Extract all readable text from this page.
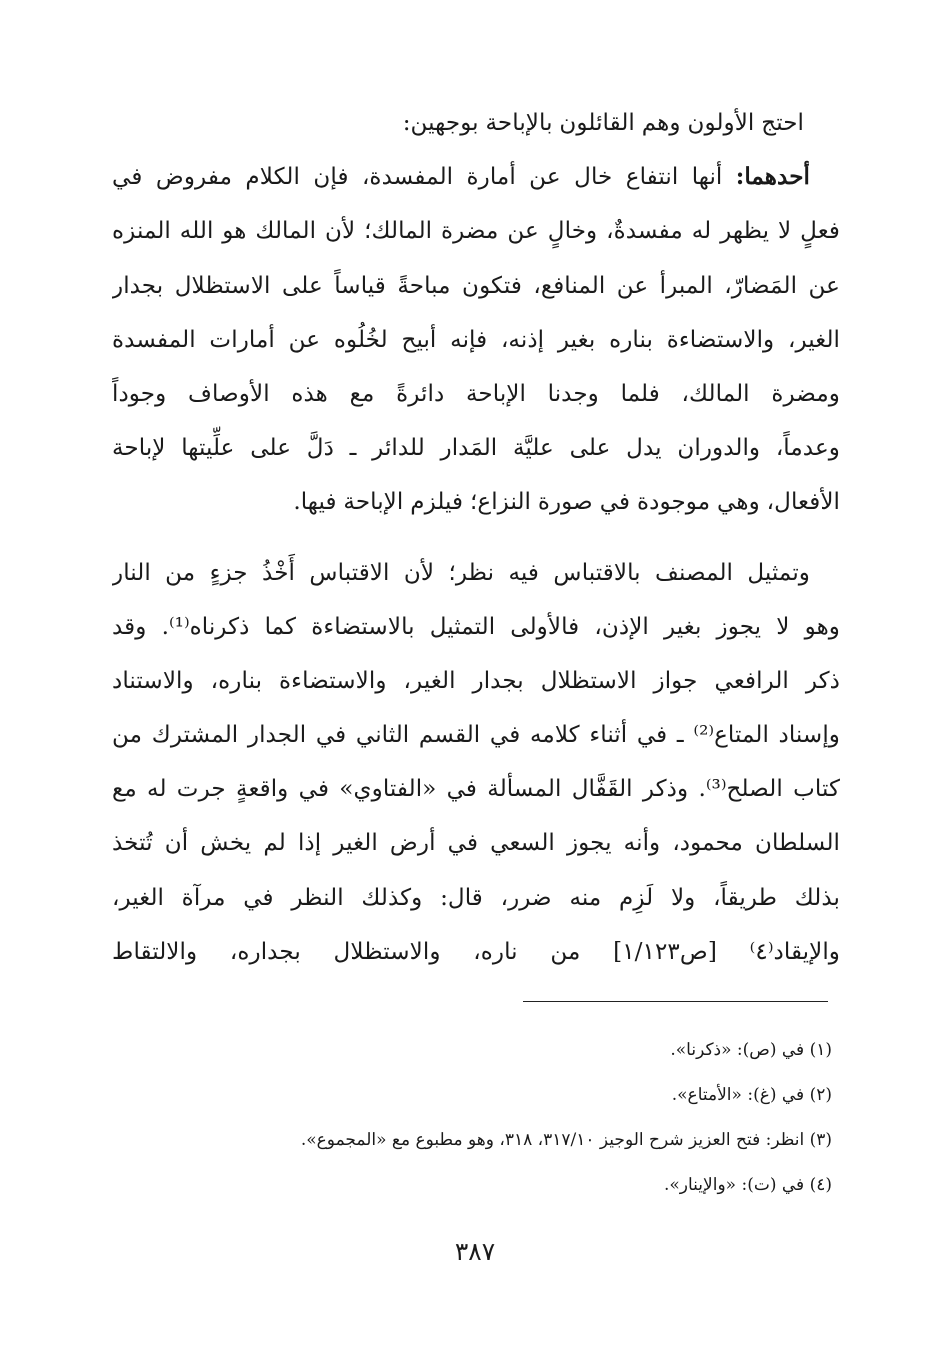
احتج الأولون وهم القائلون بالإباحة بوجهين:
أحدهما: أنها انتفاع خال عن أمارة المفسدة، فإن الكلام مفروض في
فعلٍ لا يظهر له مفسدةٌ، وخالٍ عن مضرة المالك؛ لأن المالك هو الله المنزه
عن المَضارّ، المبرأ عن المنافع، فتكون مباحةً قياساً على الاستظلال بجدار
الغير، والاستضاءة بناره بغير إذنه، فإنه أبيح لخُلُوه عن أمارات المفسدة
ومضرة المالك، فلما وجدنا الإباحة دائرةً مع هذه الأوصاف وجوداً
وعدماً، والدوران يدل على عليَّة المَدار للدائر ـ دَلَّ على علِّيتها لإباحة
الأفعال، وهي موجودة في صورة النزاع؛ فيلزم الإباحة فيها.
وتمثيل المصنف بالاقتباس فيه نظر؛ لأن الاقتباس أَخْذُ جزءٍ من النار
وهو لا يجوز بغير الإذن، فالأولى التمثيل بالاستضاءة كما ذكرناه⁽¹⁾. وقد
ذكر الرافعي جواز الاستظلال بجدار الغير، والاستضاءة بناره، والاستناد
وإسناد المتاع⁽²⁾ ـ في أثناء كلامه في القسم الثاني في الجدار المشترك من
كتاب الصلح⁽³⁾. وذكر القَفَّال المسألة في «الفتاوي» في واقعةٍ جرت له مع
السلطان محمود، وأنه يجوز السعي في أرض الغير إذا لم يخش أن تُتخذ
بذلك طريقاً، ولا لَزِم منه ضرر، قال: وكذلك النظر في مرآة الغير،
والإيقاد⁽٤⁾ [ص١/١٢٣] من ناره، والاستظلال بجداره، والالتقاط
(١) في (ص): «ذكرنا».
(٢) في (غ): «الأمتاع».
(٣) انظر: فتح العزيز شرح الوجيز ٣١٧/١٠، ٣١٨، وهو مطبوع مع «المجموع».
(٤) في (ت): «والإينار».
٣٨٧
